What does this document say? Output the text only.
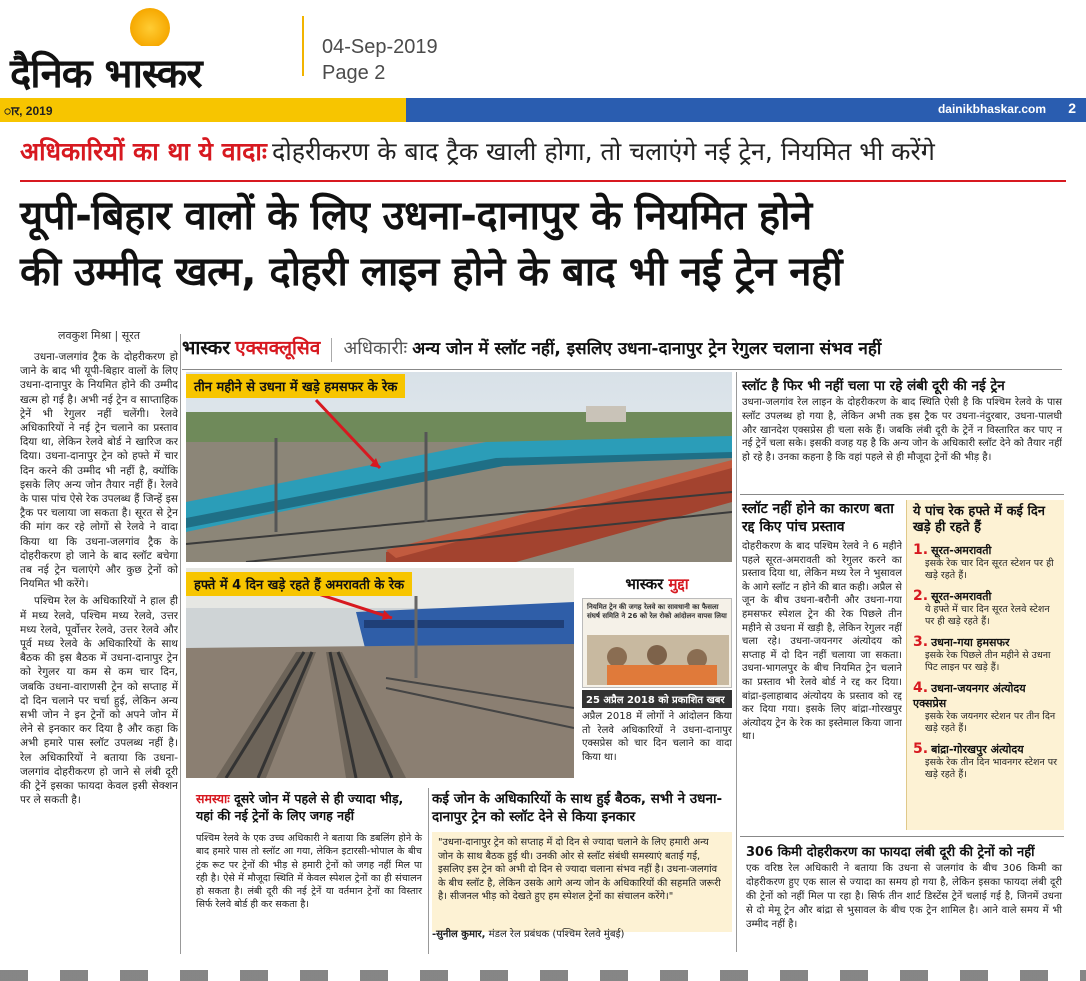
दैनिक भास्कर
04-Sep-2019
Page 2
ार, 2019	dainikbhaskar.com 2
अधिकारियों का था ये वादाः दोहरीकरण के बाद ट्रैक खाली होगा, तो चलाएंगे नई ट्रेन, नियमित भी करेंगे
यूपी-बिहार वालों के लिए उधना-दानापुर के नियमित होने
की उम्मीद खत्म, दोहरी लाइन होने के बाद भी नई ट्रेन नहीं
लवकुश मिश्रा | सूरत

उधना-जलगांव ट्रैक के दोहरीकरण हो जाने के बाद भी यूपी-बिहार वालों के लिए उधना-दानापुर के नियमित होने की उम्मीद खत्म हो गई है। अभी नई ट्रेन व साप्ताहिक ट्रेनें भी रेगुलर नहीं चलेंगी। रेलवे अधिकारियों ने नई ट्रेन चलाने का प्रस्ताव दिया था, लेकिन रेलवे बोर्ड ने खारिज कर दिया। उधना-दानापुर ट्रेन को हफ्ते में चार दिन करने की उम्मीद भी नहीं है, क्योंकि इसके लिए अन्य जोन तैयार नहीं हैं। रेलवे के पास पांच ऐसे रेक उपलब्ध हैं जिन्हें इस ट्रैक पर चलाया जा सकता है। सूरत से ट्रेन की मांग कर रहे लोगों से रेलवे ने वादा किया था कि उधना-जलगांव ट्रैक के दोहरीकरण हो जाने के बाद स्लॉट बचेगा तब नई ट्रेन चलाएंगे और कुछ ट्रेनों को नियमित भी करेंगे।

पश्चिम रेल के अधिकारियों ने हाल ही में मध्य रेलवे, पश्चिम मध्य रेलवे, उत्तर मध्य रेलवे, पूर्वोत्तर रेलवे, उत्तर रेलवे और पूर्व मध्य रेलवे के अधिकारियों के साथ बैठक की इस बैठक में उधना-दानापुर ट्रेन को रेगुलर या कम से कम चार दिन, जबकि उधना-वाराणसी ट्रेन को सप्ताह में दो दिन चलाने पर चर्चा हुई, लेकिन अन्य सभी जोन ने इन ट्रेनों को अपने जोन में लेने से इनकार कर दिया है और कहा कि अभी हमारे पास स्लॉट उपलब्ध नहीं है। रेल अधिकारियों ने बताया कि उधना-जलगांव दोहरीकरण हो जाने से लंबी दूरी की ट्रेनें इसका फायदा केवल इसी सेक्शन पर ले सकती है।

भास्कर एक्सक्लूसिव अधिकारीः अन्य जोन में स्लॉट नहीं, इसलिए उधना-दानापुर ट्रेन रेगुलर चलाना संभव नहीं
तीन महीने से उधना में खड़े हमसफर के रेक
हफ्ते में 4 दिन खड़े रहते हैं अमरावती के रेक	भास्कर मुद्दा
नियमित ट्रेन की जगह रेलवे का सावधानी का फैसला संघर्ष समिति ने 26 को रेल रोको आंदोलन वापस लिया
25 अप्रैल 2018 को प्रकाशित खबर
अप्रैल 2018 में लोगों ने आंदोलन किया तो रेलवे अधिकारियों ने उधना-दानापुर एक्सप्रेस को चार दिन चलाने का वादा किया था।
स्लॉट है फिर भी नहीं चला पा रहे लंबी दूरी की नई ट्रेन
उधना-जलगांव रेल लाइन के दोहरीकरण के बाद स्थिति ऐसी है कि पश्चिम रेलवे के पास स्लॉट उपलब्ध हो गया है, लेकिन अभी तक इस ट्रैक पर उधना-नंदुरबार, उधना-पालधी और खानदेश एक्सप्रेस ही चला सके हैं। जबकि लंबी दूरी के ट्रेनें न विस्तारित कर पाए न नई ट्रेनें चला सके। इसकी वजह यह है कि अन्य जोन के अधिकारी स्लॉट देने को तैयार नहीं हो रहे है। उनका कहना है कि वहां पहले से ही मौजूदा ट्रेनों की भीड़ है।
स्लॉट नहीं होने का कारण बता रद्द किए पांच प्रस्ताव
दोहरीकरण के बाद पश्चिम रेलवे ने 6 महीने पहले सूरत-अमरावती को रेगुलर करने का प्रस्ताव दिया था, लेकिन मध्य रेल ने भुसावल के आगे स्लॉट न होने की बात कही। अप्रैल से जून के बीच उधना-बरौनी और उधना-गया हमसफर स्पेशल ट्रेन की रेक पिछले तीन महीने से उधना में खड़ी है, लेकिन रेगुलर नहीं चला रहे। उधना-जयनगर अंत्योदय को सप्ताह में दो दिन नहीं चलाया जा सकता। उधना-भागलपुर के बीच नियमित ट्रेन चलाने का प्रस्ताव भी रेलवे बोर्ड ने रद्द कर दिया। बांद्रा-इलाहाबाद अंत्योदय के प्रस्ताव को रद्द कर दिया गया। इसके लिए बांद्रा-गोरखपुर अंत्योदय ट्रेन के रेक का इस्तेमाल किया जाना था।
ये पांच रेक हफ्ते में कई दिन खड़े ही रहते हैं
1. सूरत-अमरावती
इसके रेक चार दिन सूरत स्टेशन पर ही खड़े रहते हैं।
2. सूरत-अमरावती
ये हफ्ते में चार दिन सूरत रेलवे स्टेशन पर ही खड़े रहते हैं।
3. उधना-गया हमसफर
इसके रेक पिछले तीन महीने से उधना पिट लाइन पर खड़े हैं।
4. उधना-जयनगर अंत्योदय एक्सप्रेस
इसके रेक जयनगर स्टेशन पर तीन दिन खड़े रहते हैं।
5. बांद्रा-गोरखपुर अंत्योदय
इसके रेक तीन दिन भावनगर स्टेशन पर खड़े रहते हैं।
306 किमी दोहरीकरण का फायदा लंबी दूरी की ट्रेनों को नहीं
एक वरिष्ठ रेल अधिकारी ने बताया कि उधना से जलगांव के बीच 306 किमी का दोहरीकरण हुए एक साल से ज्यादा का समय हो गया है, लेकिन इसका फायदा लंबी दूरी की ट्रेनों को नहीं मिल पा रहा है। सिर्फ तीन शार्ट डिस्टेंस ट्रेनें चलाई गई है, जिनमें उधना से दो मेमू ट्रेन और बांद्रा से भुसावल के बीच एक ट्रेन शामिल है। आने वाले समय में भी उम्मीद नहीं है।
समस्याः दूसरे जोन में पहले से ही ज्यादा भीड़, यहां की नई ट्रेनों के लिए जगह नहीं
पश्चिम रेलवे के एक उच्च अधिकारी ने बताया कि डबलिंग होने के बाद हमारे पास तो स्लॉट आ गया, लेकिन इटारसी-भोपाल के बीच ट्रंक रूट पर ट्रेनों की भीड़ से हमारी ट्रेनों को जगह नहीं मिल पा रही है। ऐसे में मौजूदा स्थिति में केवल स्पेशल ट्रेनों का ही संचालन हो सकता है। लंबी दूरी की नई ट्रेनें या वर्तमान ट्रेनों का विस्तार सिर्फ रेलवे बोर्ड ही कर सकता है।
कई जोन के अधिकारियों के साथ हुई बैठक, सभी ने उधना-दानापुर ट्रेन को स्लॉट देने से किया इनकार
"उधना-दानापुर ट्रेन को सप्ताह में दो दिन से ज्यादा चलाने के लिए हमारी अन्य जोन के साथ बैठक हुई थी। उनकी ओर से स्लॉट संबंधी समस्याएं बताई गई, इसलिए इस ट्रेन को अभी दो दिन से ज्यादा चलाना संभव नहीं है। उधना-जलगांव के बीच स्लॉट है, लेकिन उसके आगे अन्य जोन के अधिकारियों की सहमति जरूरी है। सीजनल भीड़ को देखते हुए हम स्पेशल ट्रेनों का संचालन करेंगे।"
-सुनील कुमार, मंडल रेल प्रबंधक (पश्चिम रेलवे मुंबई)
